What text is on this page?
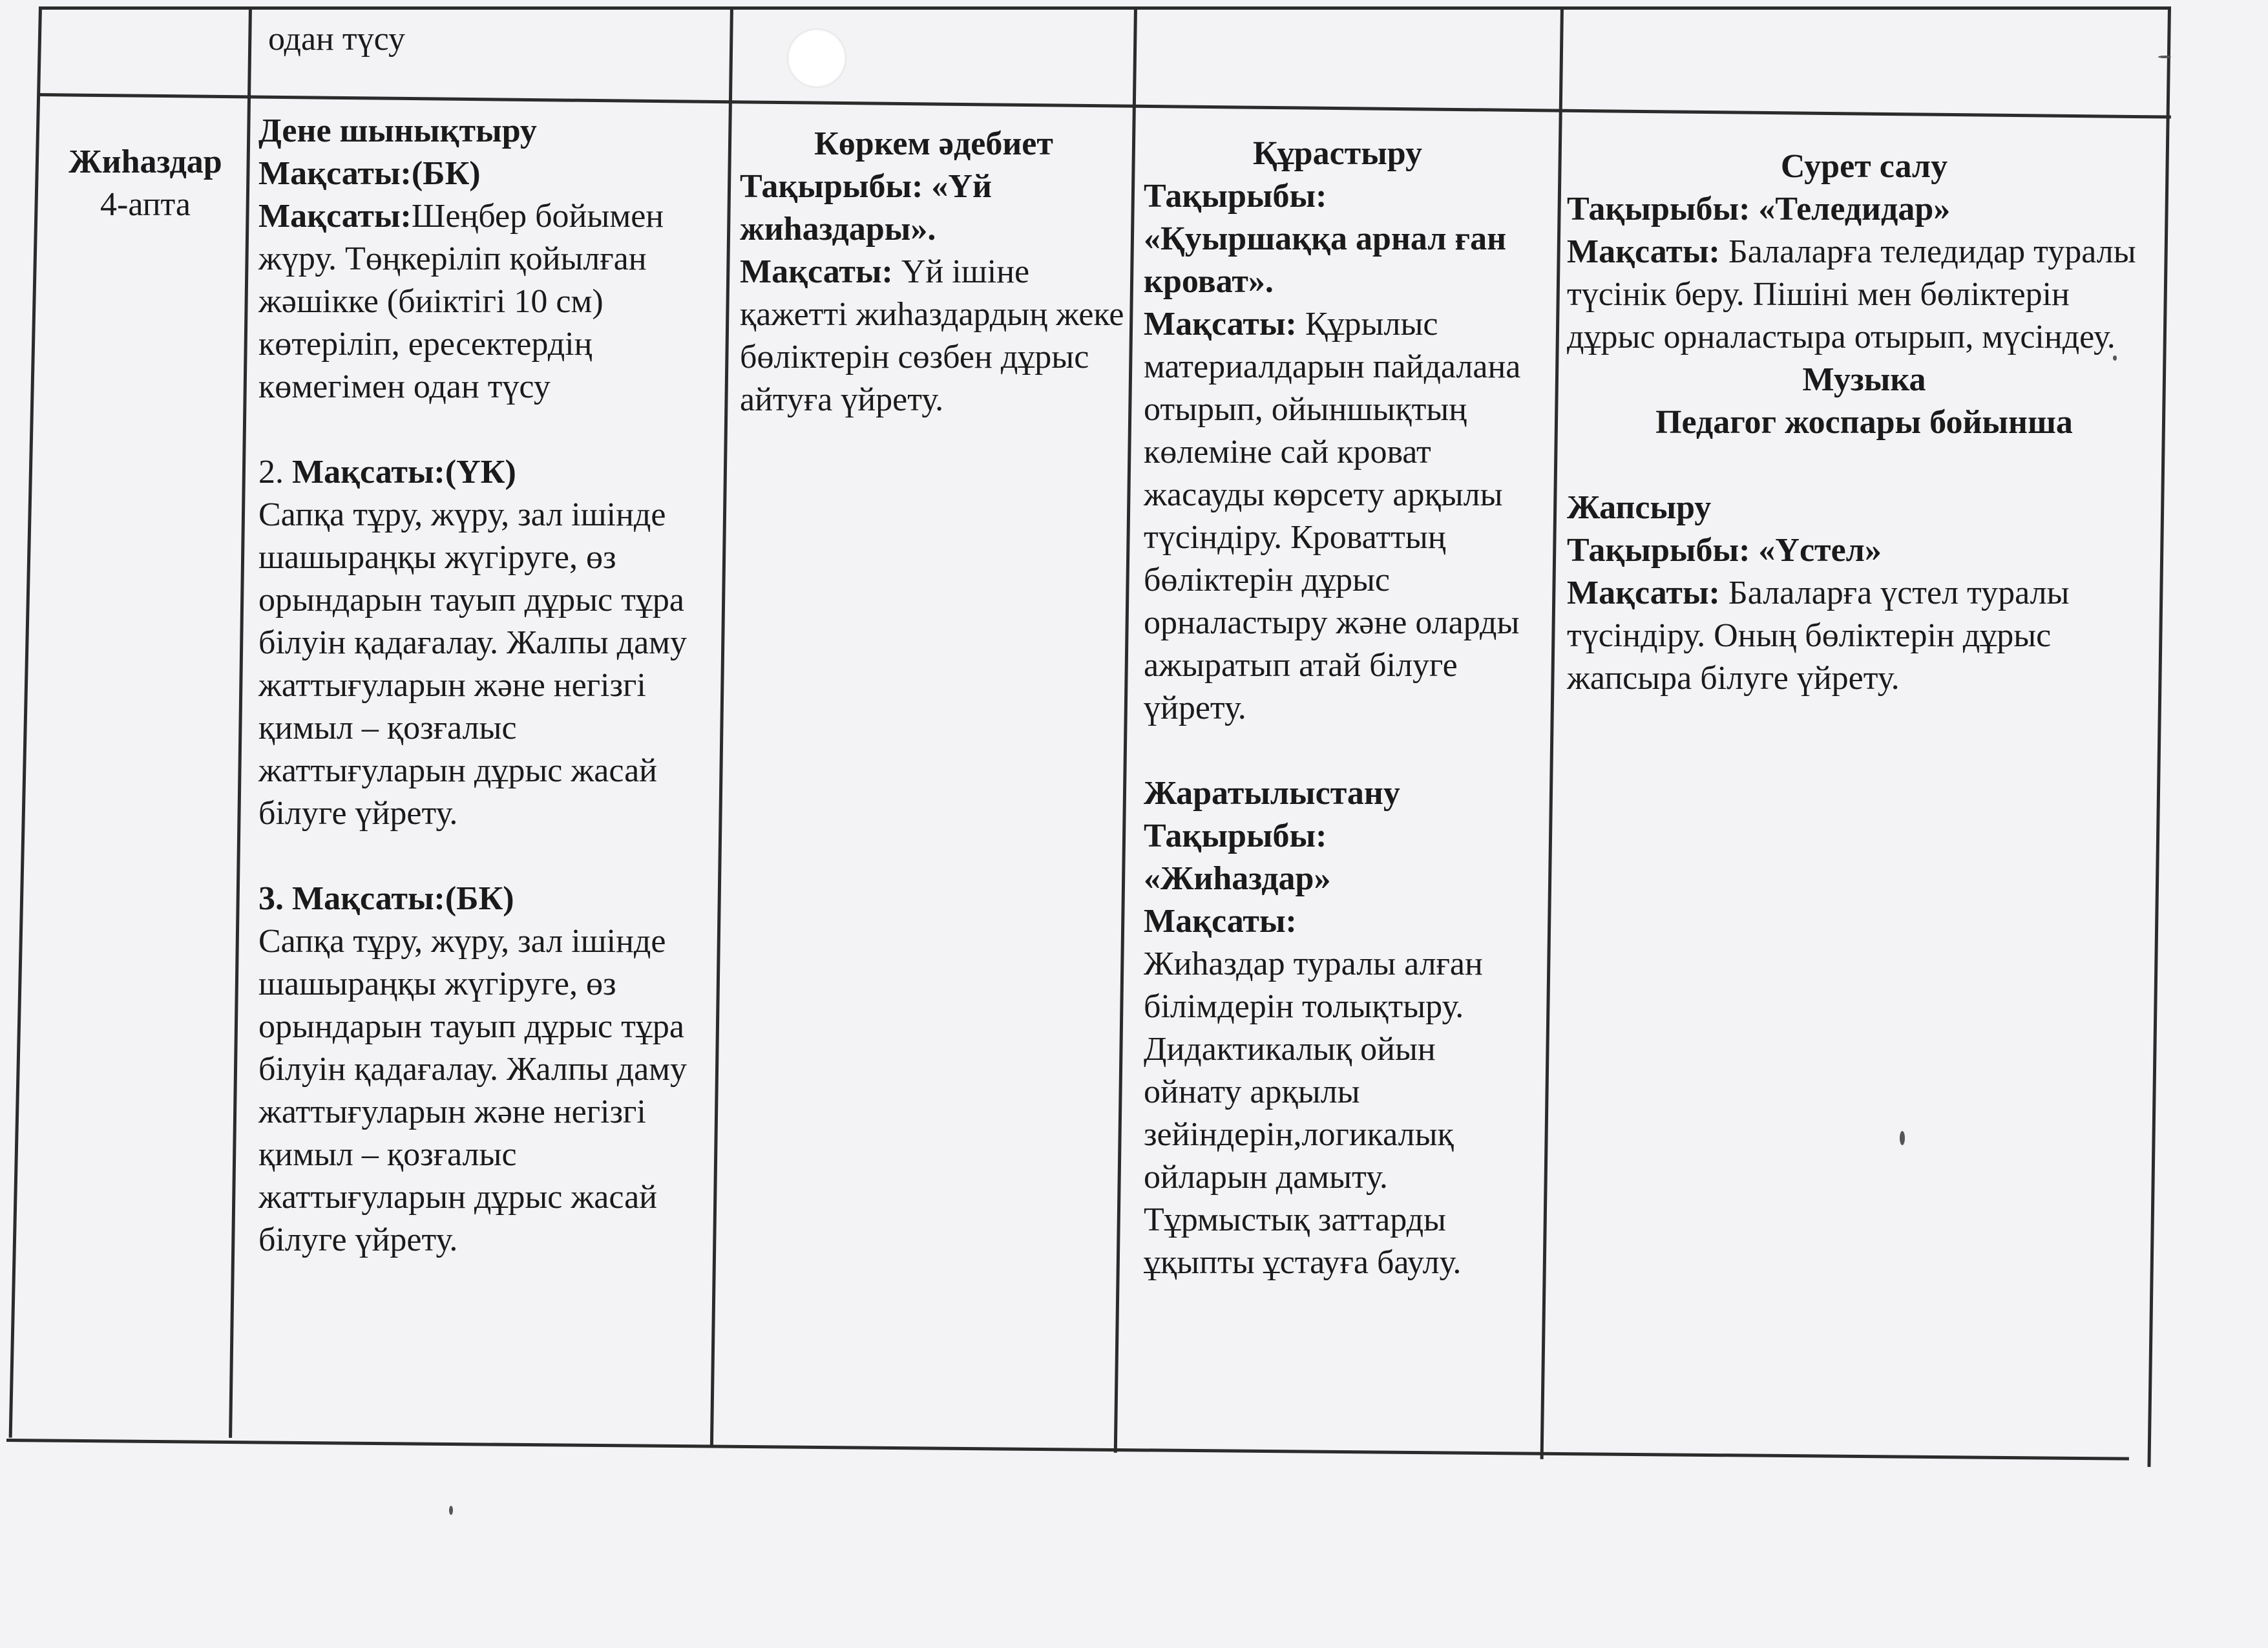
одан түсу

Жиһаздар

4-апта

Дене шынықтыру

Мақсаты:(БК)

Мақсаты:Шеңбер бойымен жүру. Төңкеріліп қойылған жәшікке (биіктігі 10 см) көтеріліп, ересектердің көмегімен одан түсу

2. Мақсаты:(ҮК)

Сапқа тұру, жүру, зал ішінде шашыраңқы жүгіруге, өз орындарын тауып дұрыс тұра білуін қадағалау. Жалпы даму жаттығуларын және негізгі қимыл – қозғалыс жаттығуларын дұрыс жасай білуге үйрету.

3. Мақсаты:(БК)

Сапқа тұру, жүру, зал ішінде шашыраңқы жүгіруге, өз орындарын тауып дұрыс тұра білуін қадағалау. Жалпы даму жаттығуларын және негізгі қимыл – қозғалыс жаттығуларын дұрыс жасай білуге үйрету.

Көркем әдебиет

Тақырыбы: «Үй жиһаздары».

Мақсаты: Үй ішіне қажетті жиһаздардың жеке бөліктерін сөзбен дұрыс айтуға үйрету.

Құрастыру

Тақырыбы:

«Қуыршаққа арнал ған кроват».

Мақсаты: Құрылыс материалдарын пайдалана отырып, ойыншықтың көлеміне сай кроват жасауды көрсету арқылы түсіндіру. Кроваттың бөліктерін дұрыс орналастыру және оларды ажыратып атай білуге үйрету.

Жаратылыстану

Тақырыбы:

«Жиһаздар»

Мақсаты:

Жиһаздар туралы алған білімдерін толықтыру. Дидактикалық ойын ойнату арқылы зейіндерін,логикалық ойларын дамыту. Тұрмыстық заттарды ұқыпты ұстауға баулу.

Сурет салу

Тақырыбы: «Теледидар»

Мақсаты: Балаларға теледидар туралы түсінік беру. Пішіні мен бөліктерін дұрыс орналастыра отырып, мүсіндеу.

Музыка

Педагог жоспары бойынша

Жапсыру

Тақырыбы: «Үстел»

Мақсаты: Балаларға үстел туралы түсіндіру. Оның бөліктерін дұрыс жапсыра білуге үйрету.
